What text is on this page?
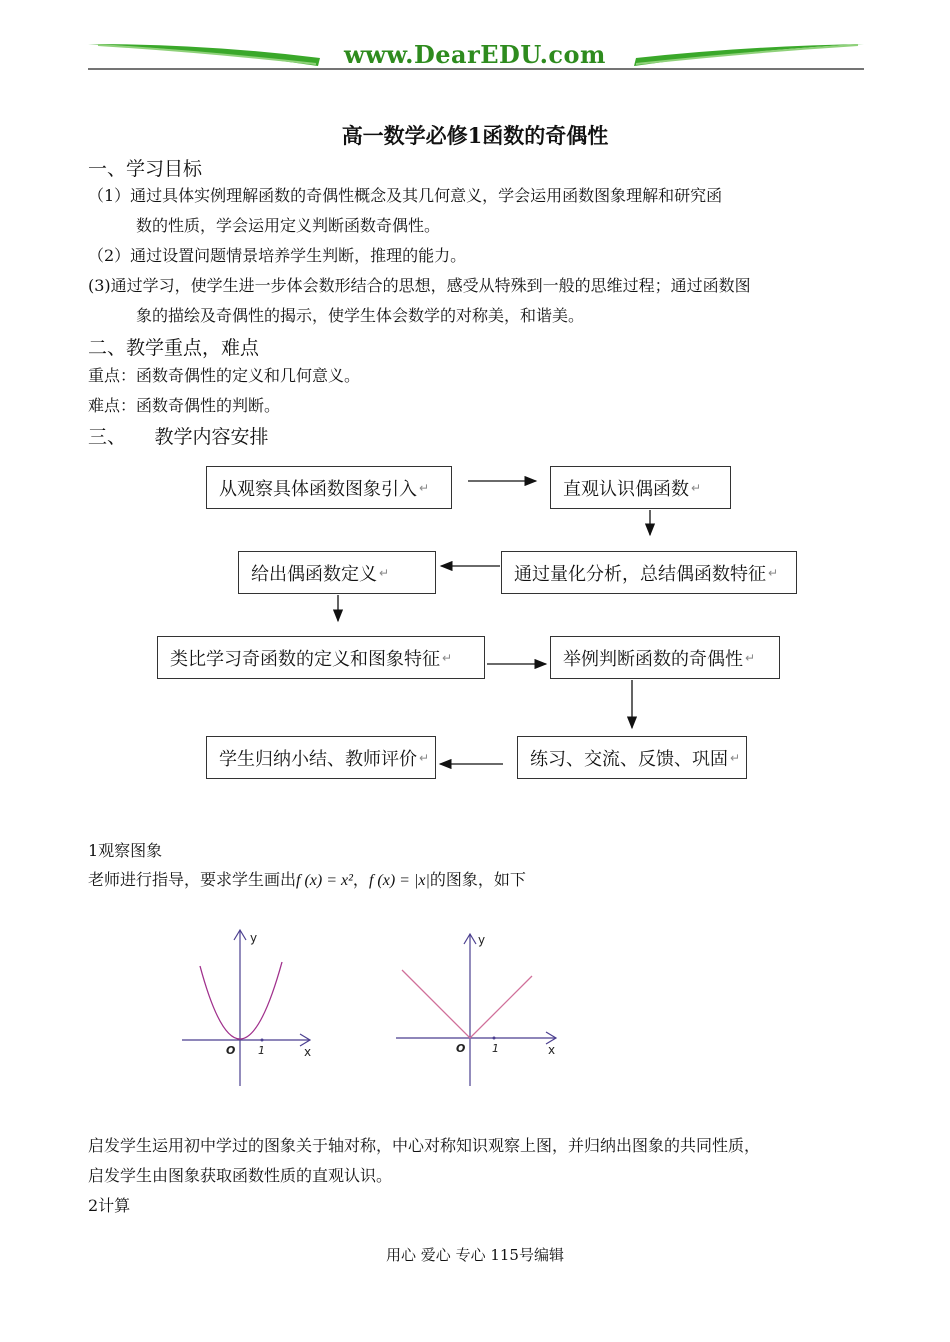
www.DearEDU.com
高一数学必修1函数的奇偶性
一、学习目标
（1）通过具体实例理解函数的奇偶性概念及其几何意义，学会运用函数图象理解和研究函
数的性质，学会运用定义判断函数奇偶性。
（2）通过设置问题情景培养学生判断，推理的能力。
(3)通过学习，使学生进一步体会数形结合的思想，感受从特殊到一般的思维过程；通过函数图
象的描绘及奇偶性的揭示，使学生体会数学的对称美，和谐美。
二、教学重点，难点
重点：函数奇偶性的定义和几何意义。
难点：函数奇偶性的判断。
三、　　教学内容安排
从观察具体函数图象引入 ↵	直观认识偶函数 ↵
通过量化分析，总结偶函数特征 ↵
给出偶函数定义 ↵
类比学习奇函数的定义和图象特征 ↵	举例判断函数的奇偶性 ↵
练习、交流、反馈、巩固 ↵
学生归纳小结、教师评价 ↵
1观察图象
老师进行指导，要求学生画出f (x) = x²，f (x) = |x|的图象，如下
y
x
O 1
y
x
O 1
启发学生运用初中学过的图象关于轴对称，中心对称知识观察上图，并归纳出图象的共同性质，
启发学生由图象获取函数性质的直观认识。
2计算
用心 爱心 专心 115号编辑
